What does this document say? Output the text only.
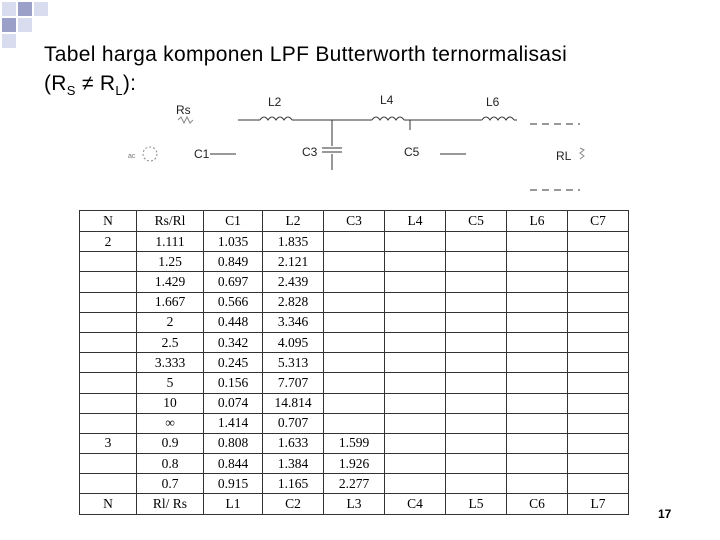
Tabel harga komponen LPF Butterworth ternormalisasi
$(R_S \ne R_L)$:
Rs
L2	L4	L6
C1	C3	C5	RL
ac
N	Rs/Rl	C1	L2	C3	L4	C5	L6	C7
2	1.111	1.035	1.835					
	1.25	0.849	2.121					
	1.429	0.697	2.439					
	1.667	0.566	2.828					
	2	0.448	3.346					
	2.5	0.342	4.095					
	3.333	0.245	5.313					
	5	0.156	7.707					
	10	0.074	14.814					
	∞	1.414	0.707					
3	0.9	0.808	1.633	1.599				
	0.8	0.844	1.384	1.926				
	0.7	0.915	1.165	2.277				
N	Rl/ Rs	L1	C2	L3	C4	L5	C6	L7
17
